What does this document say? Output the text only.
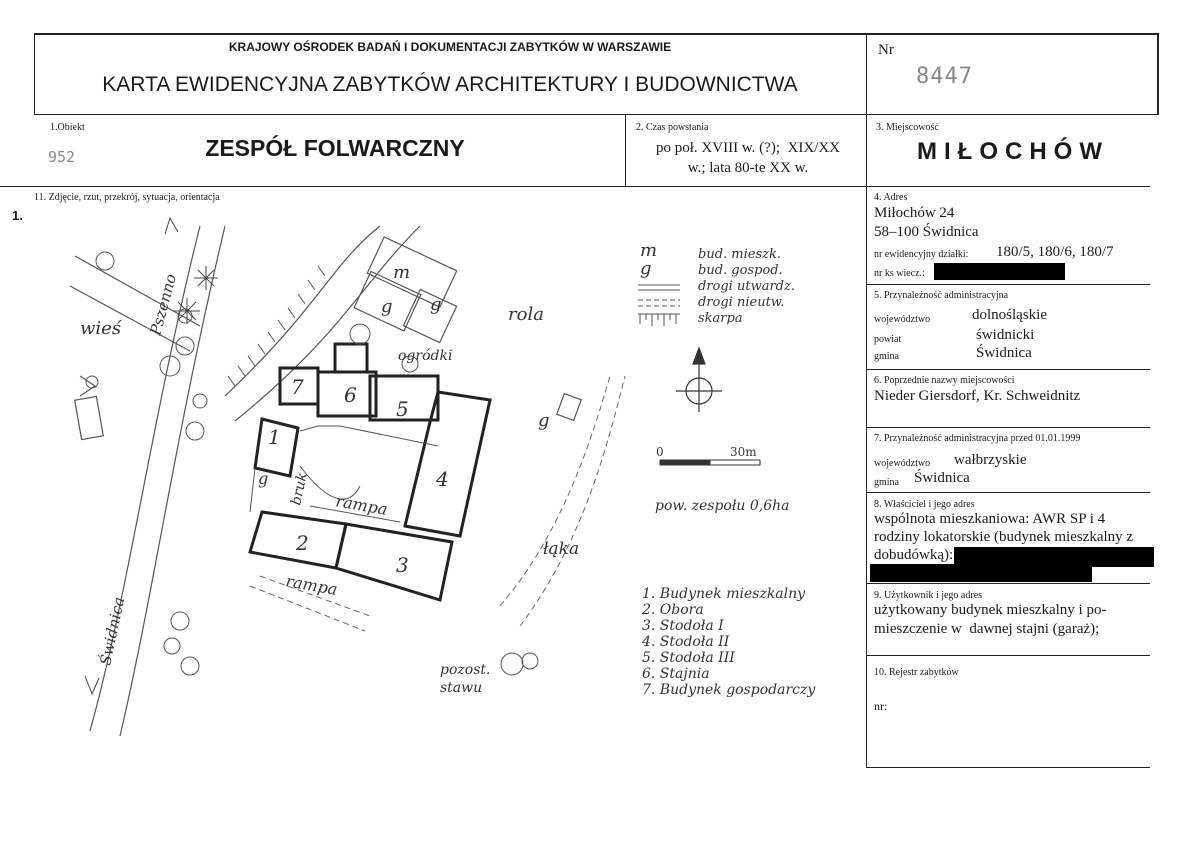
KRAJOWY OŚRODEK BADAŃ I DOKUMENTACJI ZABYTKÓW W WARSZAWIE
KARTA EWIDENCYJNA ZABYTKÓW ARCHITEKTURY I BUDOWNICTWA
Nr
8447
1.Obiekt
952	ZESPÓŁ FOLWARCZNY
2. Czas powstania
po poł. XVIII w. (?);  XIX/XX
w.; lata 80-te XX w.
3. Miejscowość
MIŁOCHÓW
11. Zdjęcie, rzut, przekrój, sytuacja, orientacja
1.
4. Adres
Miłochów 24
58–100 Świdnica
nr ewidencyjny działki: 180/5, 180/6, 180/7
nr ks wiecz.:
5. Przynależność administracyjna
województwo	dolnośląskie
powiat	świdnicki
gmina	Świdnica
6. Poprzednie nazwy miejscowości
Nieder Giersdorf, Kr. Schweidnitz
7. Przynależność administracyjna przed 01.01.1999
województwo wałbrzyskie
gmina Świdnica
8. Właściciel i jego adres
wspólnota mieszkaniowa: AWR SP i 4
rodziny lokatorskie (budynek mieszkalny z
dobudówką):
9. Użytkownik i jego adres
użytkowany budynek mieszkalny i po-
mieszczenie w  dawnej stajni (garaż);
10. Rejestr zabytków
nr:
wieś Pszenno
Świdnica
rola
łąka
ogródki
bruk rampa
rampa
pozost.
stawu
m
g g
g
g
1
2
3
4
5
6
7
m	bud. mieszk.
g	bud. gospod.
drogi utwardz.
drogi nieutw.
skarpa
0	30m
pow. zespołu 0,6ha
1. Budynek mieszkalny
2. Obora
3. Stodoła I
4. Stodoła II
5. Stodoła III
6. Stajnia
7. Budynek gospodarczy
